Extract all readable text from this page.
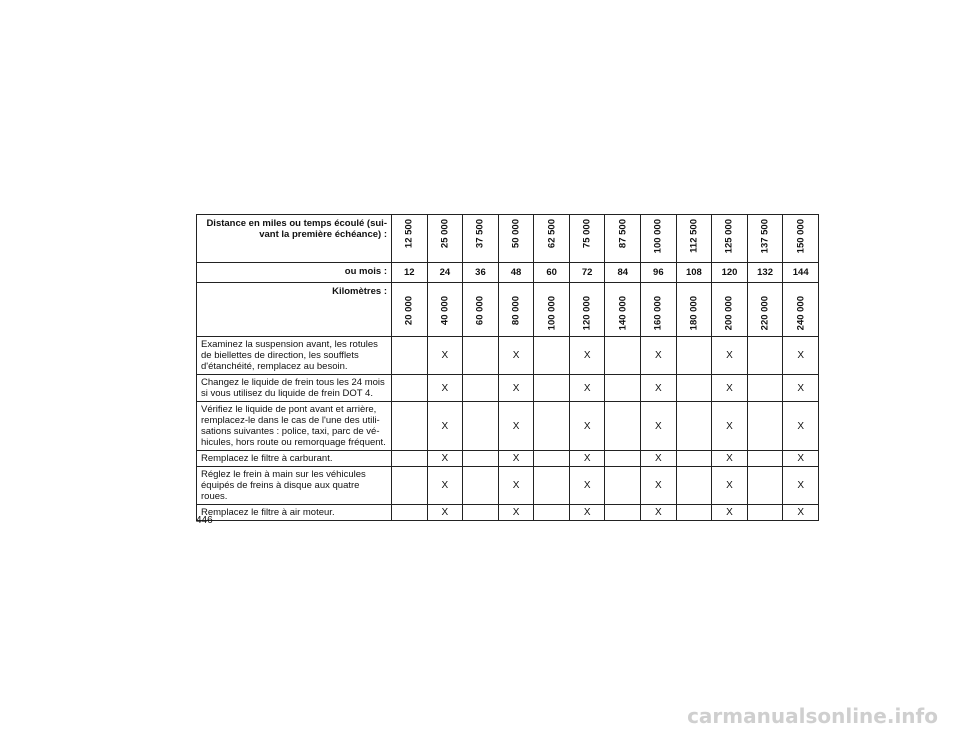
Distance en miles ou temps écoulé (sui-
vant la première échéance) :	12 500	25 000	37 500	50 000	62 500	75 000	87 500	100 000	112 500	125 000	137 500	150 000

ou mois :	12	24	36	48	60	72	84	96	108	120	132	144
Kilomètres :	20 000	40 000	60 000	80 000	100 000	120 000	140 000	160 000	180 000	200 000	220 000	240 000

Examinez la suspension avant, les rotules
de biellettes de direction, les soufflets
d'étanchéité, remplacez au besoin.		X		X		X		X		X		X
Changez le liquide de frein tous les 24 mois
si vous utilisez du liquide de frein DOT 4.		X		X		X		X		X		X
Vérifiez le liquide de pont avant et arrière,
remplacez-le dans le cas de l'une des utili-
sations suivantes : police, taxi, parc de vé-
hicules, hors route ou remorquage fréquent.		X		X		X		X		X		X
Remplacez le filtre à carburant.		X		X		X		X		X		X
Réglez le frein à main sur les véhicules
équipés de freins à disque aux quatre
roues.		X		X		X		X		X		X
Remplacez le filtre à air moteur.		X		X		X		X		X		X
446
carmanualsonline.info
